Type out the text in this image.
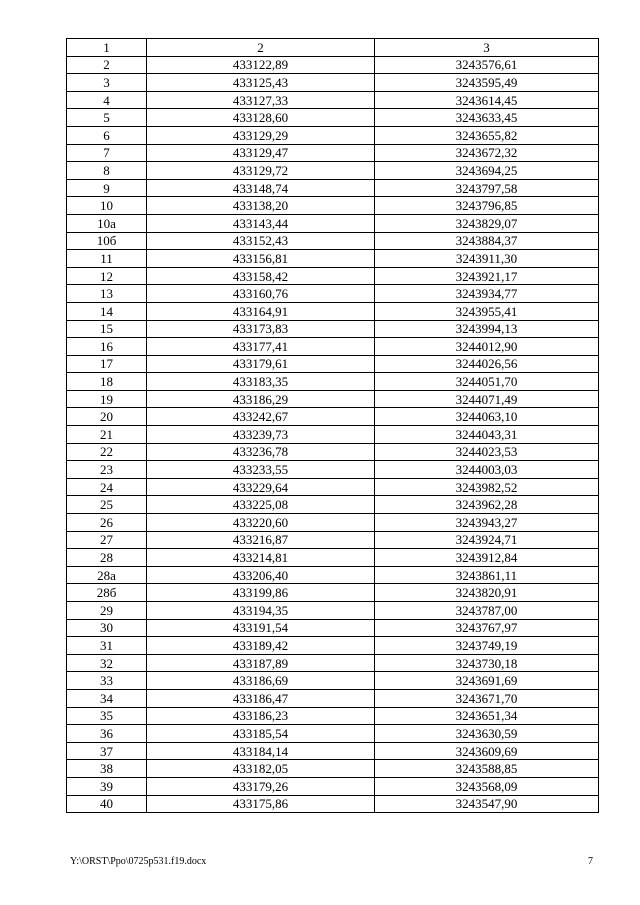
1	2	3
2	433122,89	3243576,61
3	433125,43	3243595,49
4	433127,33	3243614,45
5	433128,60	3243633,45
6	433129,29	3243655,82
7	433129,47	3243672,32
8	433129,72	3243694,25
9	433148,74	3243797,58
10	433138,20	3243796,85
10а	433143,44	3243829,07
10б	433152,43	3243884,37
11	433156,81	3243911,30
12	433158,42	3243921,17
13	433160,76	3243934,77
14	433164,91	3243955,41
15	433173,83	3243994,13
16	433177,41	3244012,90
17	433179,61	3244026,56
18	433183,35	3244051,70
19	433186,29	3244071,49
20	433242,67	3244063,10
21	433239,73	3244043,31
22	433236,78	3244023,53
23	433233,55	3244003,03
24	433229,64	3243982,52
25	433225,08	3243962,28
26	433220,60	3243943,27
27	433216,87	3243924,71
28	433214,81	3243912,84
28а	433206,40	3243861,11
28б	433199,86	3243820,91
29	433194,35	3243787,00
30	433191,54	3243767,97
31	433189,42	3243749,19
32	433187,89	3243730,18
33	433186,69	3243691,69
34	433186,47	3243671,70
35	433186,23	3243651,34
36	433185,54	3243630,59
37	433184,14	3243609,69
38	433182,05	3243588,85
39	433179,26	3243568,09
40	433175,86	3243547,90
Y:\ORST\Ppo\0725p531.f19.docx	7
